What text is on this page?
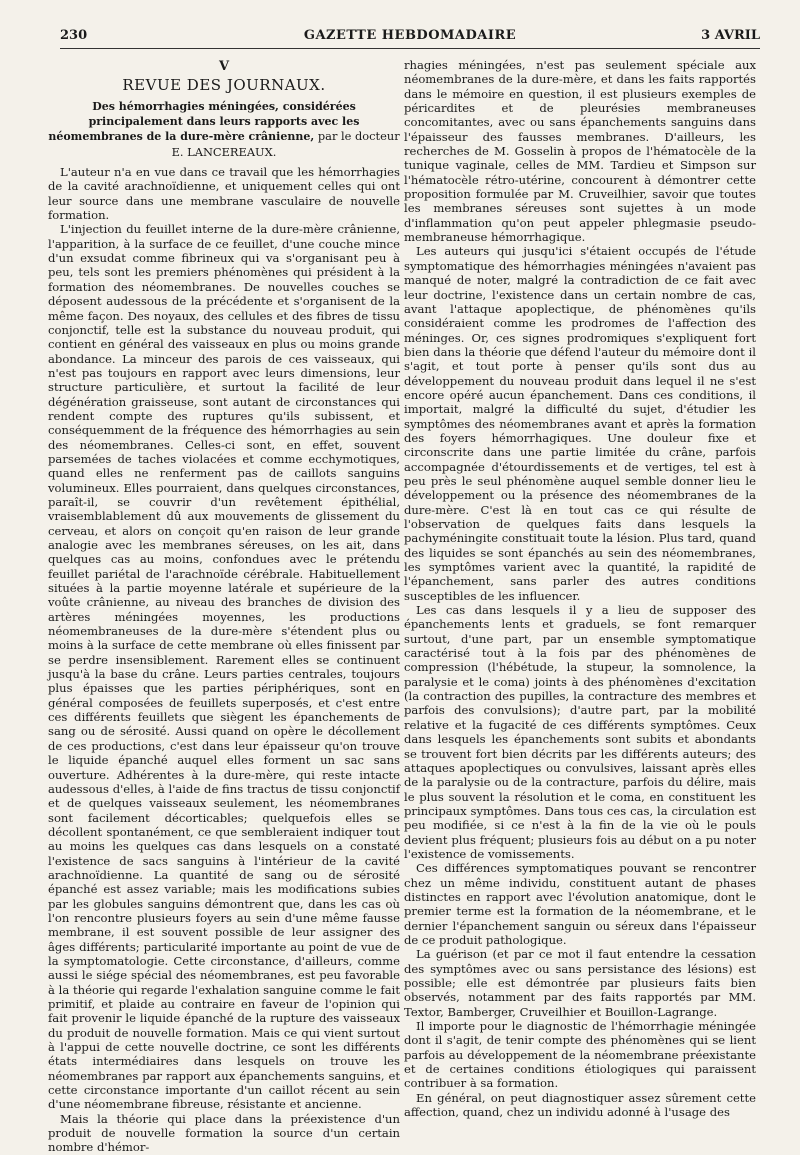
230	GAZETTE HEBDOMADAIRE	3 AVRIL
V
REVUE DES JOURNAUX.
Des hémorrhagies méningées, considérées principalement dans leurs rapports avec les néomembranes de la dure-mère crânienne, par le docteur E. LANCEREAUX.

L'auteur n'a en vue dans ce travail que les hémorrhagies de la cavité arachnoïdienne, et uniquement celles qui ont leur source dans une membrane vasculaire de nouvelle formation.

L'injection du feuillet interne de la dure-mère crânienne, l'apparition, à la surface de ce feuillet, d'une couche mince d'un exsudat comme fibrineux qui va s'organisant peu à peu, tels sont les premiers phénomènes qui président à la formation des néomembranes. De nouvelles couches se déposent audessous de la précédente et s'organisent de la même façon. Des noyaux, des cellules et des fibres de tissu conjonctif, telle est la substance du nouveau produit, qui contient en général des vaisseaux en plus ou moins grande abondance. La minceur des parois de ces vaisseaux, qui n'est pas toujours en rapport avec leurs dimensions, leur structure particulière, et surtout la facilité de leur dégénération graisseuse, sont autant de circonstances qui rendent compte des ruptures qu'ils subissent, et conséquemment de la fréquence des hémorrhagies au sein des néomembranes. Celles-ci sont, en effet, souvent parsemées de taches violacées et comme ecchymotiques, quand elles ne renferment pas de caillots sanguins volumineux. Elles pourraient, dans quelques circonstances, paraît-il, se couvrir d'un revêtement épithélial, vraisemblablement dû aux mouvements de glissement du cerveau, et alors on conçoit qu'en raison de leur grande analogie avec les membranes séreuses, on les ait, dans quelques cas au moins, confondues avec le prétendu feuillet pariétal de l'arachnoïde cérébrale. Habituellement situées à la partie moyenne latérale et supérieure de la voûte crânienne, au niveau des branches de division des artères méningées moyennes, les productions néomembraneuses de la dure-mère s'étendent plus ou moins à la surface de cette membrane où elles finissent par se perdre insensiblement. Rarement elles se continuent jusqu'à la base du crâne. Leurs parties centrales, toujours plus épaisses que les parties périphériques, sont en général composées de feuillets superposés, et c'est entre ces différents feuillets que siègent les épanchements de sang ou de sérosité. Aussi quand on opère le décollement de ces productions, c'est dans leur épaisseur qu'on trouve le liquide épanché auquel elles forment un sac sans ouverture. Adhérentes à la dure-mère, qui reste intacte audessous d'elles, à l'aide de fins tractus de tissu conjonctif et de quelques vaisseaux seulement, les néomembranes sont facilement décorticables; quelquefois elles se décollent spontanément, ce que sembleraient indiquer tout au moins les quelques cas dans lesquels on a constaté l'existence de sacs sanguins à l'intérieur de la cavité arachnoïdienne. La quantité de sang ou de sérosité épanché est assez variable; mais les modifications subies par les globules sanguins démontrent que, dans les cas où l'on rencontre plusieurs foyers au sein d'une même fausse membrane, il est souvent possible de leur assigner des âges différents; particularité importante au point de vue de la symptomatologie. Cette circonstance, d'ailleurs, comme aussi le siége spécial des néomembranes, est peu favorable à la théorie qui regarde l'exhalation sanguine comme le fait primitif, et plaide au contraire en faveur de l'opinion qui fait provenir le liquide épanché de la rupture des vaisseaux du produit de nouvelle formation. Mais ce qui vient surtout à l'appui de cette nouvelle doctrine, ce sont les différents états intermédiaires dans lesquels on trouve les néomembranes par rapport aux épanchements sanguins, et cette circonstance importante d'un caillot récent au sein d'une néomembrane fibreuse, résistante et ancienne.

Mais la théorie qui place dans la préexistence d'un produit de nouvelle formation la source d'un certain nombre d'hémor-

rhagies méningées, n'est pas seulement spéciale aux néomembranes de la dure-mère, et dans les faits rapportés dans le mémoire en question, il est plusieurs exemples de péricardites et de pleurésies membraneuses concomitantes, avec ou sans épanchements sanguins dans l'épaisseur des fausses membranes. D'ailleurs, les recherches de M. Gosselin à propos de l'hématocèle de la tunique vaginale, celles de MM. Tardieu et Simpson sur l'hématocèle rétro-utérine, concourent à démontrer cette proposition formulée par M. Cruveilhier, savoir que toutes les membranes séreuses sont sujettes à un mode d'inflammation qu'on peut appeler phlegmasie pseudo-membraneuse hémorrhagique.

Les auteurs qui jusqu'ici s'étaient occupés de l'étude symptomatique des hémorrhagies méningées n'avaient pas manqué de noter, malgré la contradiction de ce fait avec leur doctrine, l'existence dans un certain nombre de cas, avant l'attaque apoplectique, de phénomènes qu'ils considéraient comme les prodromes de l'affection des méninges. Or, ces signes prodromiques s'expliquent fort bien dans la théorie que défend l'auteur du mémoire dont il s'agit, et tout porte à penser qu'ils sont dus au développement du nouveau produit dans lequel il ne s'est encore opéré aucun épanchement. Dans ces conditions, il importait, malgré la difficulté du sujet, d'étudier les symptômes des néomembranes avant et après la formation des foyers hémorrhagiques. Une douleur fixe et circonscrite dans une partie limitée du crâne, parfois accompagnée d'étourdissements et de vertiges, tel est à peu près le seul phénomène auquel semble donner lieu le développement ou la présence des néomembranes de la dure-mère. C'est là en tout cas ce qui résulte de l'observation de quelques faits dans lesquels la pachyméningite constituait toute la lésion. Plus tard, quand des liquides se sont épanchés au sein des néomembranes, les symptômes varient avec la quantité, la rapidité de l'épanchement, sans parler des autres conditions susceptibles de les influencer.

Les cas dans lesquels il y a lieu de supposer des épanchements lents et graduels, se font remarquer surtout, d'une part, par un ensemble symptomatique caractérisé tout à la fois par des phénomènes de compression (l'hébétude, la stupeur, la somnolence, la paralysie et le coma) joints à des phénomènes d'excitation (la contraction des pupilles, la contracture des membres et parfois des convulsions); d'autre part, par la mobilité relative et la fugacité de ces différents symptômes. Ceux dans lesquels les épanchements sont subits et abondants se trouvent fort bien décrits par les différents auteurs; des attaques apoplectiques ou convulsives, laissant après elles de la paralysie ou de la contracture, parfois du délire, mais le plus souvent la résolution et le coma, en constituent les principaux symptômes. Dans tous ces cas, la circulation est peu modifiée, si ce n'est à la fin de la vie où le pouls devient plus fréquent; plusieurs fois au début on a pu noter l'existence de vomissements.

Ces différences symptomatiques pouvant se rencontrer chez un même individu, constituent autant de phases distinctes en rapport avec l'évolution anatomique, dont le premier terme est la formation de la néomembrane, et le dernier l'épanchement sanguin ou séreux dans l'épaisseur de ce produit pathologique.

La guérison (et par ce mot il faut entendre la cessation des symptômes avec ou sans persistance des lésions) est possible; elle est démontrée par plusieurs faits bien observés, notamment par des faits rapportés par MM. Textor, Bamberger, Cruveilhier et Bouillon-Lagrange.

Il importe pour le diagnostic de l'hémorrhagie méningée dont il s'agit, de tenir compte des phénomènes qui se lient parfois au développement de la néomembrane préexistante et de certaines conditions étiologiques qui paraissent contribuer à sa formation.

En général, on peut diagnostiquer assez sûrement cette affection, quand, chez un individu adonné à l'usage des
